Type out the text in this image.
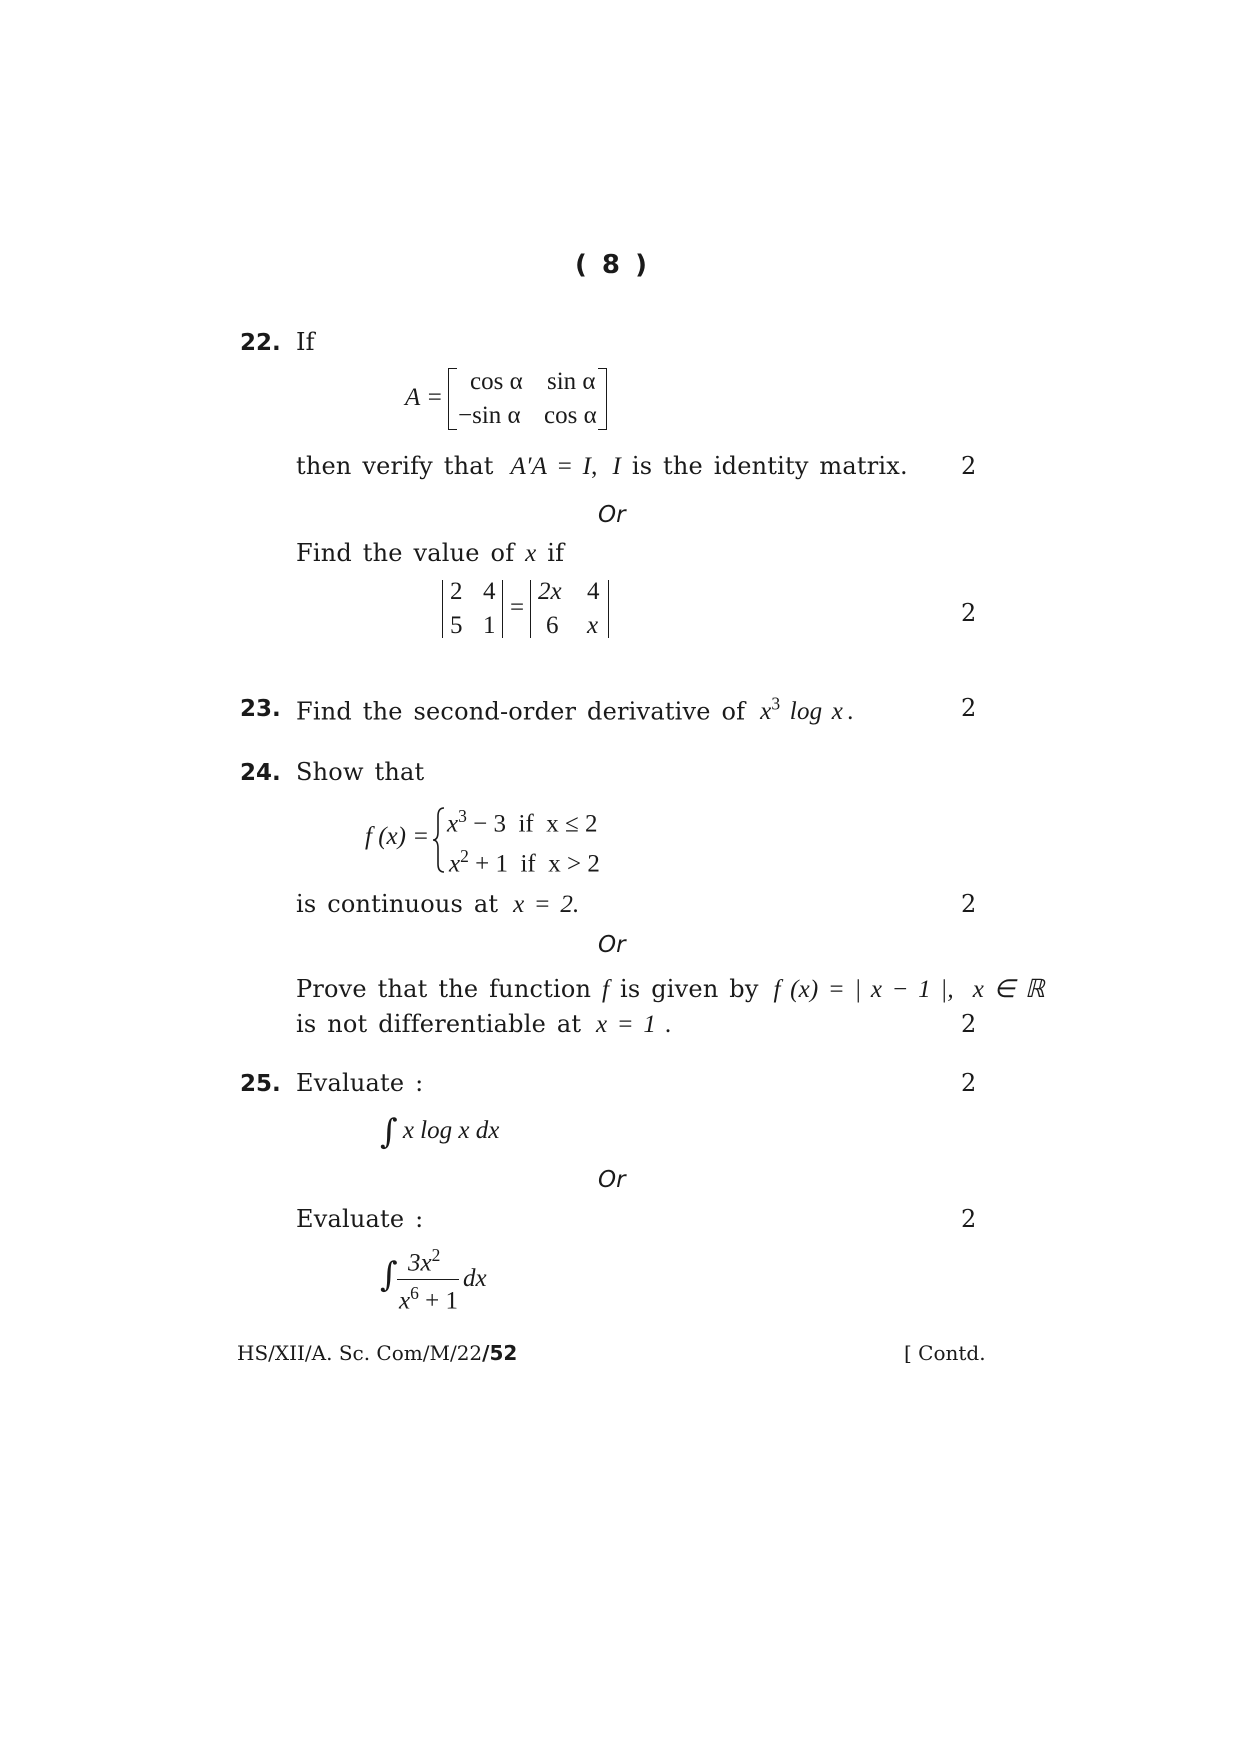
( 8 )
22. If
A =
cos α sin α
−sin α cos α
then verify that A′A = I, I is the identity matrix. 2
Or
Find the value of x if
2 4
5 1
=
2x 4
6 x	2
23. Find the second-order derivative of $x^3$ log x .	2
24. Show that
f $(x) = x^3 - 3$  if  x ≤ 2
$x^2 + 1$  if  x > 2
is continuous at x = 2.	2
Or
Prove that the function f is given by f (x) = | x − 1 |,  x ∈ ℝ
is not differentiable at x = 1 .	2
25. Evaluate :	2
∫ x log x dx
Or
Evaluate :	2
∫ $3x^2$
$x^6 + 1$
dx
HS/XII/A. Sc. Com/M/22/52	[ Contd.
